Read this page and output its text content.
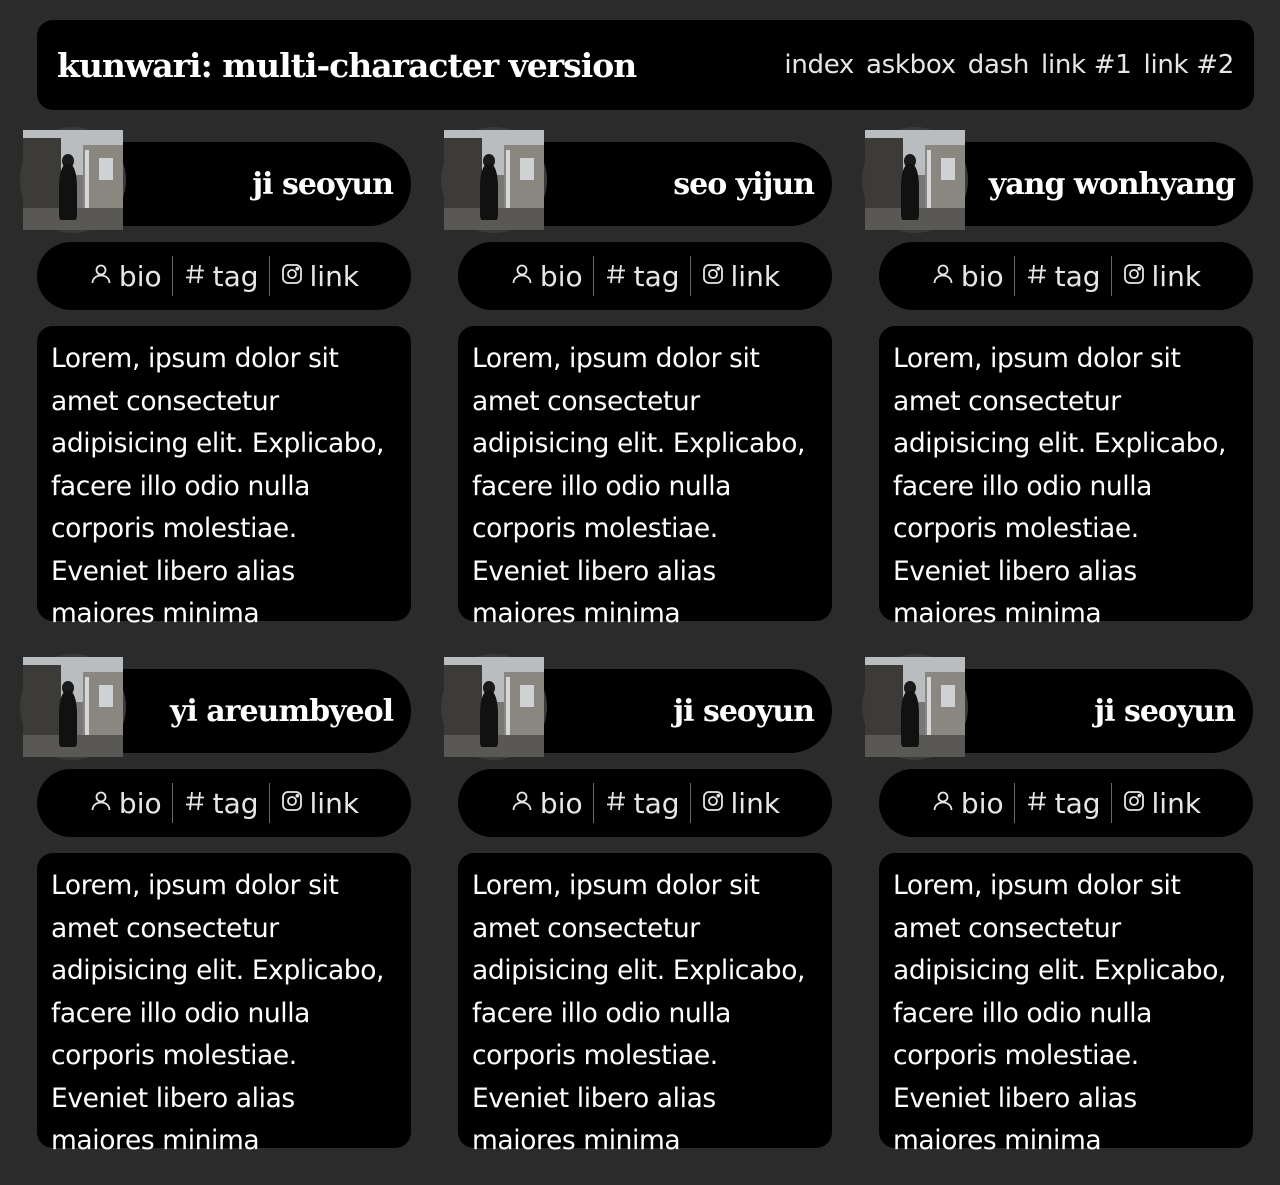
kunwari: multi-character version	index askbox dash link #1 link #2
ji seoyun
bio tag link
Lorem, ipsum dolor sit amet consectetur adipisicing elit. Explicabo, facere illo odio nulla corporis molestiae. Eveniet libero alias maiores minima
seo yijun
bio tag link
Lorem, ipsum dolor sit amet consectetur adipisicing elit. Explicabo, facere illo odio nulla corporis molestiae. Eveniet libero alias maiores minima
yang wonhyang
bio tag link
Lorem, ipsum dolor sit amet consectetur adipisicing elit. Explicabo, facere illo odio nulla corporis molestiae. Eveniet libero alias maiores minima
yi areumbyeol
bio tag link
Lorem, ipsum dolor sit amet consectetur adipisicing elit. Explicabo, facere illo odio nulla corporis molestiae. Eveniet libero alias maiores minima
ji seoyun
bio tag link
Lorem, ipsum dolor sit amet consectetur adipisicing elit. Explicabo, facere illo odio nulla corporis molestiae. Eveniet libero alias maiores minima
ji seoyun
bio tag link
Lorem, ipsum dolor sit amet consectetur adipisicing elit. Explicabo, facere illo odio nulla corporis molestiae. Eveniet libero alias maiores minima
